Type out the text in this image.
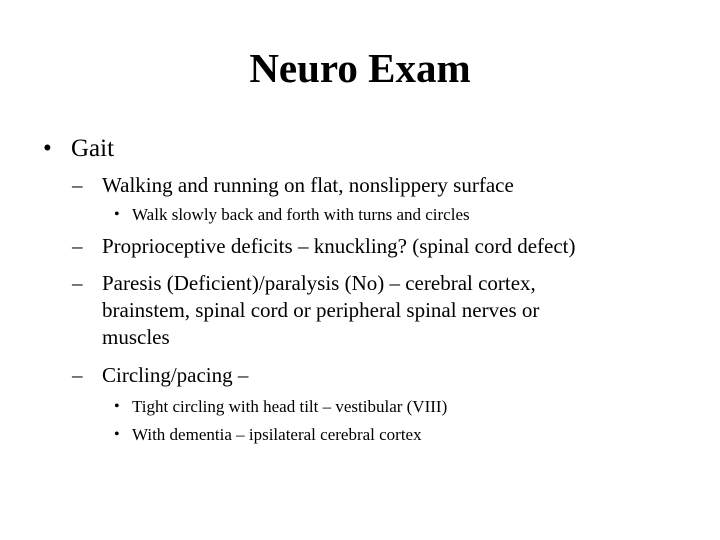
Neuro Exam
• Gait
– Walking and running on flat, nonslippery surface
• Walk slowly back and forth with turns and circles
– Proprioceptive deficits – knuckling? (spinal cord defect)
– Paresis (Deficient)/paralysis (No) – cerebral cortex, brainstem, spinal cord or peripheral spinal nerves or muscles
– Circling/pacing –
• Tight circling with head tilt – vestibular (VIII)
• With dementia – ipsilateral cerebral cortex
